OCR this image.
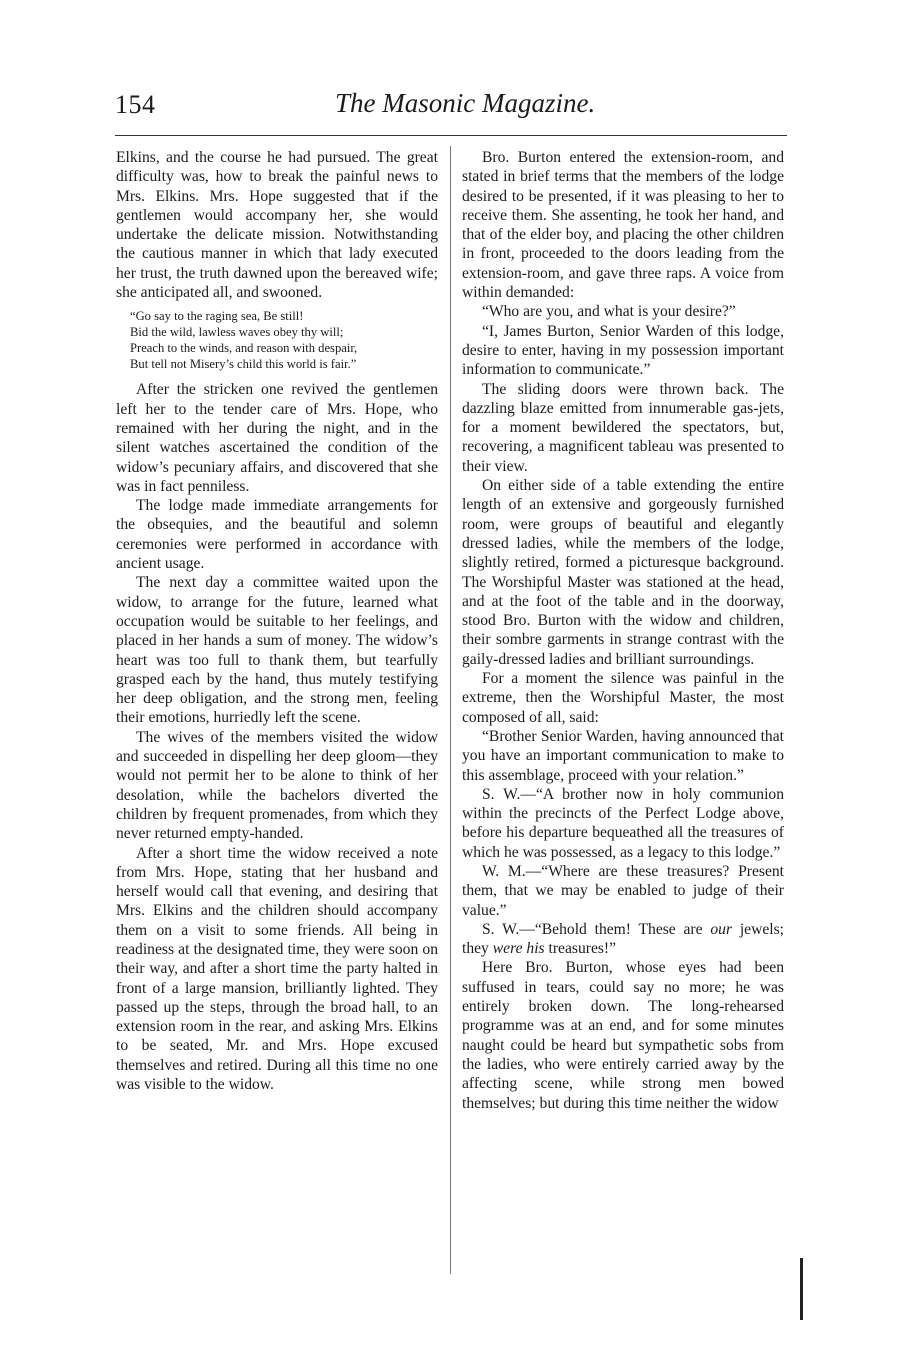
154	The Masonic Magazine.

Elkins, and the course he had pursued. The great difficulty was, how to break the painful news to Mrs. Elkins. Mrs. Hope suggested that if the gentlemen would accompany her, she would undertake the delicate mission. Notwithstanding the cautious manner in which that lady executed her trust, the truth dawned upon the bereaved wife; she anticipated all, and swooned.

“Go say to the raging sea, Be still!
Bid the wild, lawless waves obey thy will;
Preach to the winds, and reason with despair,
But tell not Misery’s child this world is fair.”

After the stricken one revived the gentlemen left her to the tender care of Mrs. Hope, who remained with her during the night, and in the silent watches ascertained the condition of the widow’s pecuniary affairs, and discovered that she was in fact penniless.

The lodge made immediate arrangements for the obsequies, and the beautiful and solemn ceremonies were performed in accordance with ancient usage.

The next day a committee waited upon the widow, to arrange for the future, learned what occupation would be suitable to her feelings, and placed in her hands a sum of money. The widow’s heart was too full to thank them, but tearfully grasped each by the hand, thus mutely testifying her deep obligation, and the strong men, feeling their emotions, hurriedly left the scene.

The wives of the members visited the widow and succeeded in dispelling her deep gloom—they would not permit her to be alone to think of her desolation, while the bachelors diverted the children by frequent promenades, from which they never returned empty-handed.

After a short time the widow received a note from Mrs. Hope, stating that her husband and herself would call that evening, and desiring that Mrs. Elkins and the children should accompany them on a visit to some friends. All being in readiness at the designated time, they were soon on their way, and after a short time the party halted in front of a large mansion, brilliantly lighted. They passed up the steps, through the broad hall, to an extension room in the rear, and asking Mrs. Elkins to be seated, Mr. and Mrs. Hope excused themselves and retired. During all this time no one was visible to the widow.

Bro. Burton entered the extension-room, and stated in brief terms that the members of the lodge desired to be presented, if it was pleasing to her to receive them. She assenting, he took her hand, and that of the elder boy, and placing the other children in front, proceeded to the doors leading from the extension-room, and gave three raps. A voice from within demanded:

“Who are you, and what is your desire?”

“I, James Burton, Senior Warden of this lodge, desire to enter, having in my possession important information to communicate.”

The sliding doors were thrown back. The dazzling blaze emitted from innumerable gas-jets, for a moment bewildered the spectators, but, recovering, a magnificent tableau was presented to their view.

On either side of a table extending the entire length of an extensive and gorgeously furnished room, were groups of beautiful and elegantly dressed ladies, while the members of the lodge, slightly retired, formed a picturesque background. The Worshipful Master was stationed at the head, and at the foot of the table and in the doorway, stood Bro. Burton with the widow and children, their sombre garments in strange contrast with the gaily-dressed ladies and brilliant surroundings.

For a moment the silence was painful in the extreme, then the Worshipful Master, the most composed of all, said:

“Brother Senior Warden, having announced that you have an important communication to make to this assemblage, proceed with your relation.”

S. W.—“A brother now in holy communion within the precincts of the Perfect Lodge above, before his departure bequeathed all the treasures of which he was possessed, as a legacy to this lodge.”

W. M.—“Where are these treasures? Present them, that we may be enabled to judge of their value.”

S. W.—“Behold them! These are our jewels; they were his treasures!”

Here Bro. Burton, whose eyes had been suffused in tears, could say no more; he was entirely broken down. The long-rehearsed programme was at an end, and for some minutes naught could be heard but sympathetic sobs from the ladies, who were entirely carried away by the affecting scene, while strong men bowed themselves; but during this time neither the widow
